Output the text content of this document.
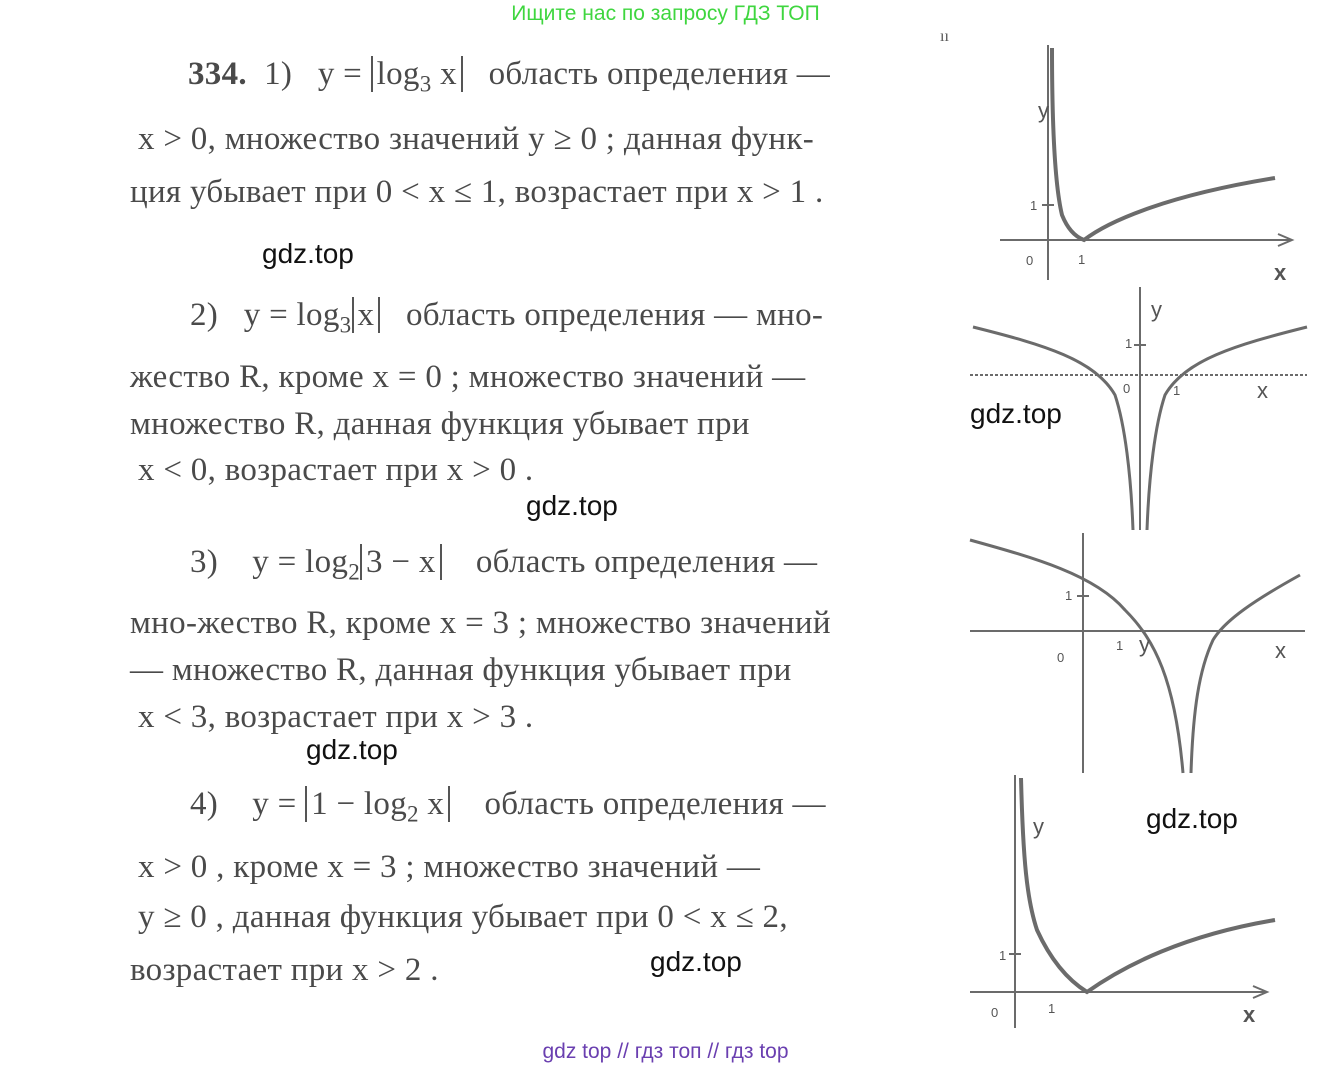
Ищите нас по запросу ГДЗ ТОП
ıı
334. 1) $y = \log_3 x$ область определения —
x > 0, множество значений y ≥ 0 ; данная функ-
ция убывает при 0 < x ≤ 1, возрастает при x > 1 .
2) $y = \log_3 x$ область определения — мно-
жество R, кроме x = 0 ; множество значений —
множество R, данная функция убывает при
x < 0, возрастает при x > 0 .
3) $y = \log_2 3 - x$ область определения —
мно-жество R, кроме x = 3 ; множество значений
— множество R, данная функция убывает при
x < 3, возрастает при x > 3 .
4) $y = 1 - \log_2 x$ область определения —
x > 0 , кроме x = 3 ; множество значений —
y ≥ 0 , данная функция убывает при 0 < x ≤ 2,
возрастает при x > 2 .
gdz.top
gdz.top
gdz.top
gdz.top
gdz.top
gdz.top
y
1
0	1
x
y
1
0	1	x
1
0
1 y	x
y
1
0	1	x
gdz top // гдз топ // гдз top
